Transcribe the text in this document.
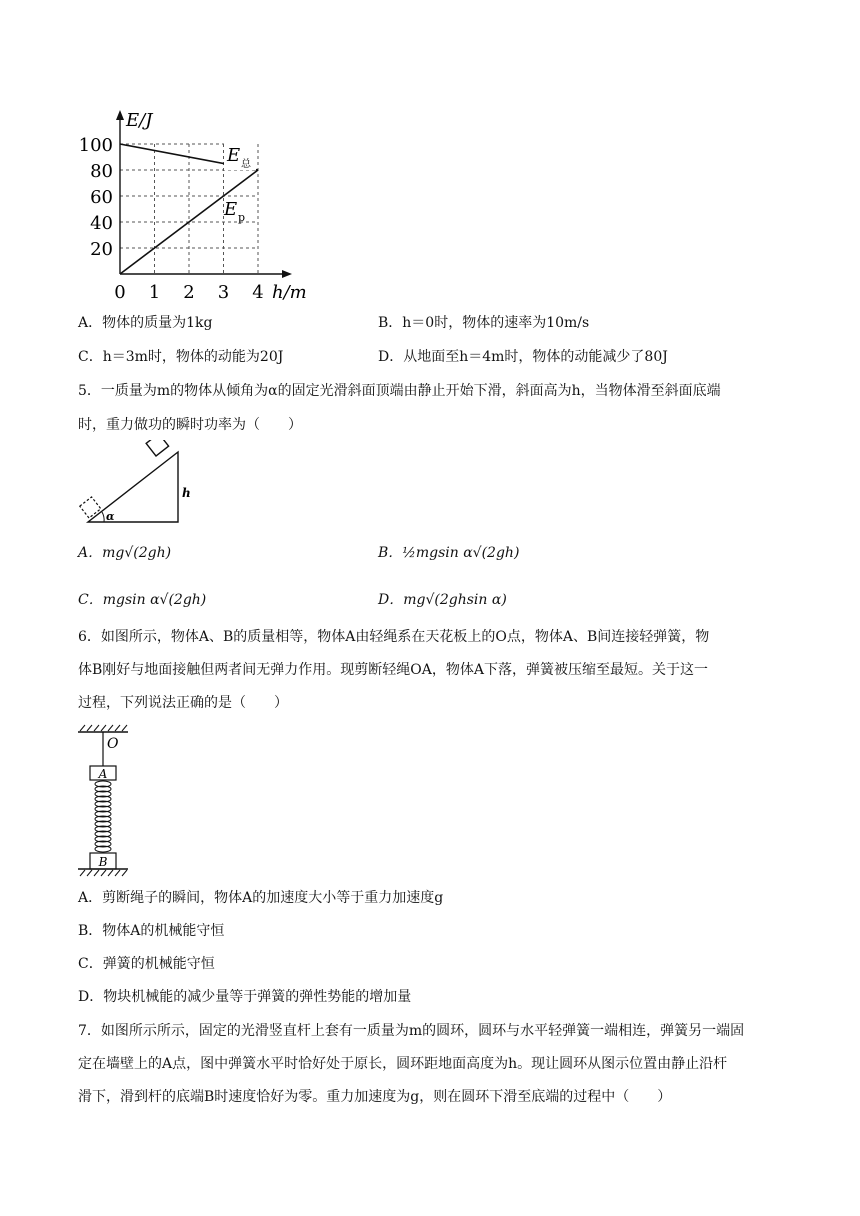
E/J
h/m
100
80
60
40
20
0 1 2 3 4
E 总
E p
A．物体的质量为1kg	B．h＝0时，物体的速率为10m/s
C．h＝3m时，物体的动能为20J	D．从地面至h＝4m时，物体的动能减少了80J
5．一质量为m的物体从倾角为α的固定光滑斜面顶端由静止开始下滑，斜面高为h，当物体滑至斜面底端
时，重力做功的瞬时功率为（　　）
α
h
A．mg√(2gh)	B．½mgsin α√(2gh)
C．mgsin α√(2gh)	D．mg√(2ghsin α)
6．如图所示，物体A、B的质量相等，物体A由轻绳系在天花板上的O点，物体A、B间连接轻弹簧，物
体B刚好与地面接触但两者间无弹力作用。现剪断轻绳OA，物体A下落，弹簧被压缩至最短。关于这一
过程，下列说法正确的是（　　）
O
A
B
A．剪断绳子的瞬间，物体A的加速度大小等于重力加速度g
B．物体A的机械能守恒
C．弹簧的机械能守恒
D．物块机械能的减少量等于弹簧的弹性势能的增加量
7．如图所示所示，固定的光滑竖直杆上套有一质量为m的圆环，圆环与水平轻弹簧一端相连，弹簧另一端固
定在墙壁上的A点，图中弹簧水平时恰好处于原长，圆环距地面高度为h。现让圆环从图示位置由静止沿杆
滑下，滑到杆的底端B时速度恰好为零。重力加速度为g，则在圆环下滑至底端的过程中（　　）
